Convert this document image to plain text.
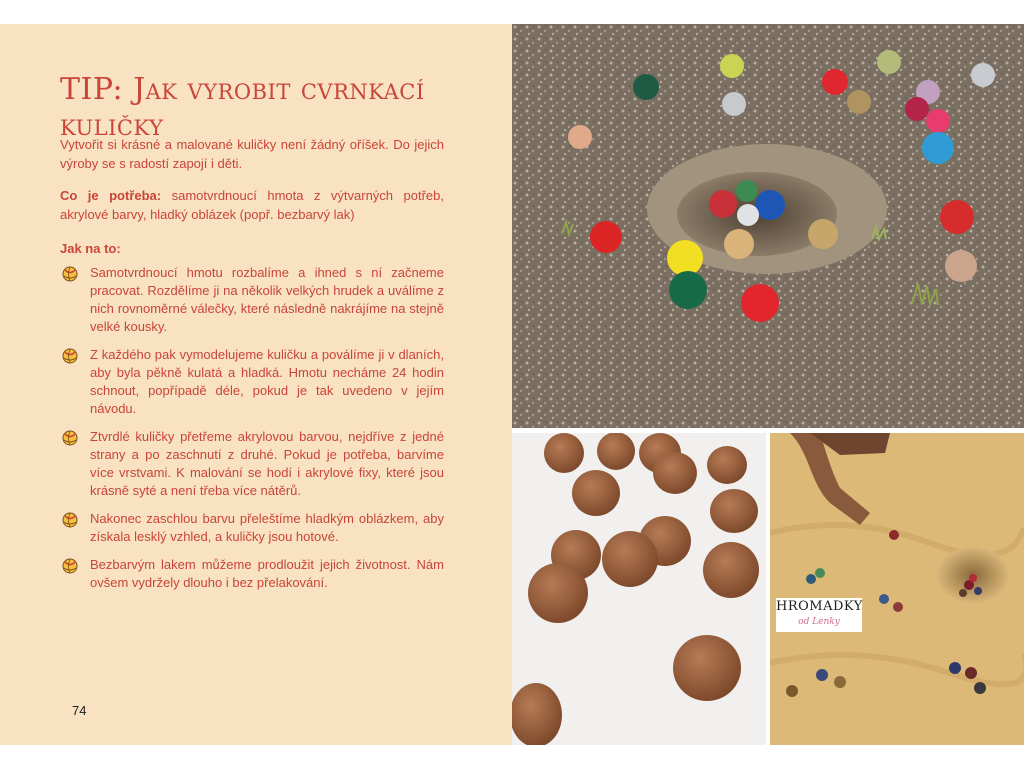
TIP: Jak vyrobit cvrnkací kuličky

Vytvořit si krásné a malované kuličky není žádný oříšek. Do jejich výroby se s radostí zapojí i děti.

Co je potřeba: samotvrdnoucí hmota z výtvarných potřeb, akrylové barvy, hladký oblázek (popř. bezbarvý lak)

Jak na to:

Samotvrdnoucí hmotu rozbalíme a ihned s ní začneme pracovat. Rozdělíme ji na několik velkých hrudek a uválíme z nich rovnoměrné válečky, které následně nakrájíme na stejně velké kousky.
Z každého pak vymodelujeme kuličku a poválíme ji v dlaních, aby byla pěkně kulatá a hladká. Hmotu necháme 24 hodin schnout, popřípadě déle, pokud je tak uvedeno v jejím návodu.
Ztvrdlé kuličky přetřeme akrylovou barvou, nejdříve z jedné strany a po zaschnutí z druhé. Pokud je potřeba, barvíme více vrstvami. K malování se hodí i akrylové fixy, které jsou krásně syté a není třeba více nátěrů.
Nakonec zaschlou barvu přeleštíme hladkým oblázkem, aby získala lesklý vzhled, a kuličky jsou hotové.
Bezbarvým lakem můžeme prodloužit jejich životnost. Nám ovšem vydržely dlouho i bez přelakování.
74
HROMADKY
od Lenky
